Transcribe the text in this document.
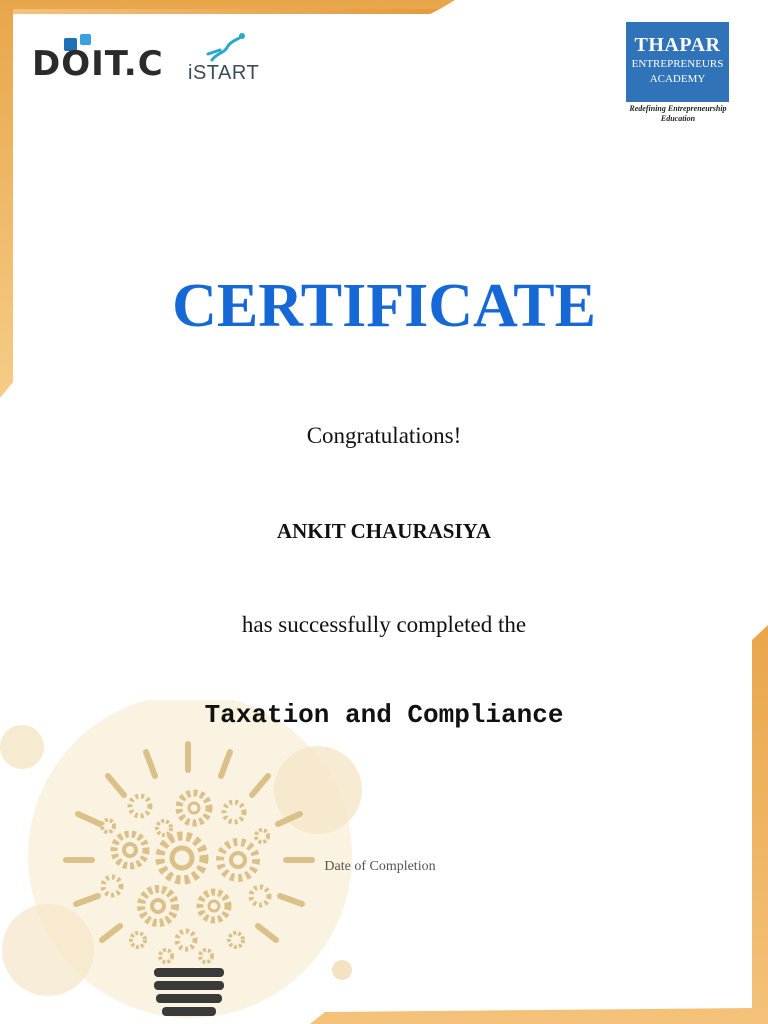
DOIT.C iSTART
THAPAR
ENTREPRENEURS
ACADEMY
Redefining Entrepreneurship
Education
CERTIFICATE
Congratulations!
ANKIT CHAURASIYA
has successfully completed the
Taxation and Compliance
Date of Completion
